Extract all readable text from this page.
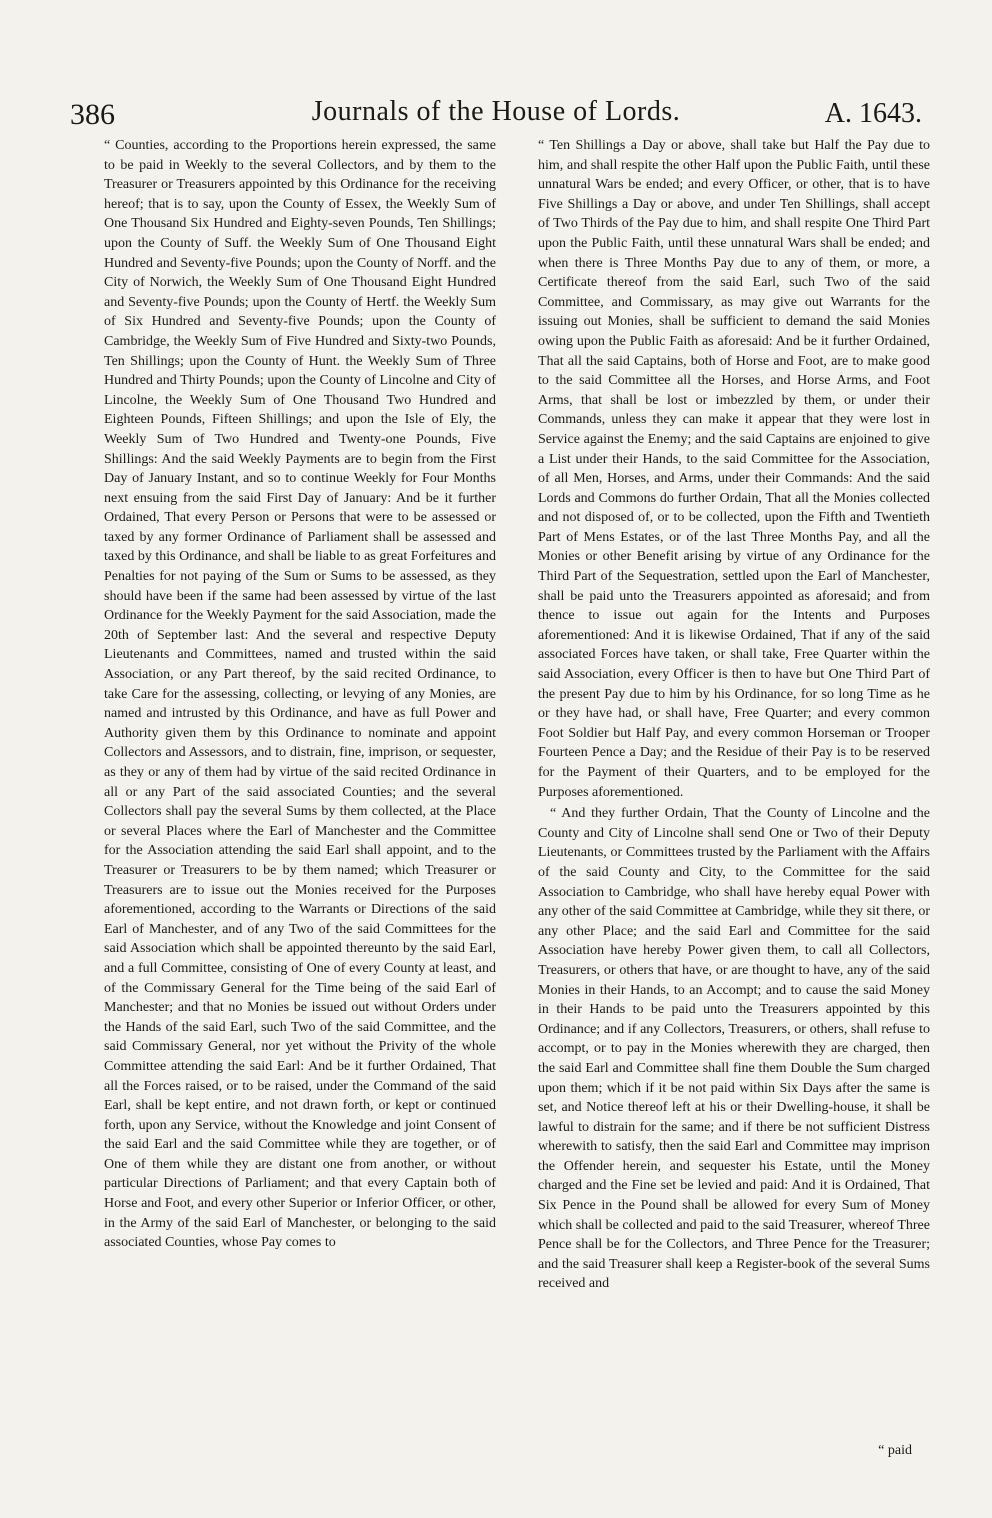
386	Journals of the House of Lords.	A. 1643.

“ Counties, according to the Proportions herein expressed, the same to be paid in Weekly to the several Collectors, and by them to the Treasurer or Treasurers appointed by this Ordinance for the receiving hereof; that is to say, upon the County of Essex, the Weekly Sum of One Thousand Six Hundred and Eighty-seven Pounds, Ten Shillings; upon the County of Suff. the Weekly Sum of One Thousand Eight Hundred and Seventy-five Pounds; upon the County of Norff. and the City of Norwich, the Weekly Sum of One Thousand Eight Hundred and Seventy-five Pounds; upon the County of Hertf. the Weekly Sum of Six Hundred and Seventy-five Pounds; upon the County of Cambridge, the Weekly Sum of Five Hundred and Sixty-two Pounds, Ten Shillings; upon the County of Hunt. the Weekly Sum of Three Hundred and Thirty Pounds; upon the County of Lincolne and City of Lincolne, the Weekly Sum of One Thousand Two Hundred and Eighteen Pounds, Fifteen Shillings; and upon the Isle of Ely, the Weekly Sum of Two Hundred and Twenty-one Pounds, Five Shillings: And the said Weekly Payments are to begin from the First Day of January Instant, and so to continue Weekly for Four Months next ensuing from the said First Day of January: And be it further Ordained, That every Person or Persons that were to be assessed or taxed by any former Ordinance of Parliament shall be assessed and taxed by this Ordinance, and shall be liable to as great Forfeitures and Penalties for not paying of the Sum or Sums to be assessed, as they should have been if the same had been assessed by virtue of the last Ordinance for the Weekly Payment for the said Association, made the 20th of September last: And the several and respective Deputy Lieutenants and Committees, named and trusted within the said Association, or any Part thereof, by the said recited Ordinance, to take Care for the assessing, collecting, or levying of any Monies, are named and intrusted by this Ordinance, and have as full Power and Authority given them by this Ordinance to nominate and appoint Collectors and Assessors, and to distrain, fine, imprison, or sequester, as they or any of them had by virtue of the said recited Ordinance in all or any Part of the said associated Counties; and the several Collectors shall pay the several Sums by them collected, at the Place or several Places where the Earl of Manchester and the Committee for the Association attending the said Earl shall appoint, and to the Treasurer or Treasurers to be by them named; which Treasurer or Treasurers are to issue out the Monies received for the Purposes aforementioned, according to the Warrants or Directions of the said Earl of Manchester, and of any Two of the said Committees for the said Association which shall be appointed thereunto by the said Earl, and a full Committee, consisting of One of every County at least, and of the Commissary General for the Time being of the said Earl of Manchester; and that no Monies be issued out without Orders under the Hands of the said Earl, such Two of the said Committee, and the said Commissary General, nor yet without the Privity of the whole Committee attending the said Earl: And be it further Ordained, That all the Forces raised, or to be raised, under the Command of the said Earl, shall be kept entire, and not drawn forth, or kept or continued forth, upon any Service, without the Knowledge and joint Consent of the said Earl and the said Committee while they are together, or of One of them while they are distant one from another, or without particular Directions of Parliament; and that every Captain both of Horse and Foot, and every other Superior or Inferior Officer, or other, in the Army of the said Earl of Manchester, or belonging to the said associated Counties, whose Pay comes to

“ Ten Shillings a Day or above, shall take but Half the Pay due to him, and shall respite the other Half upon the Public Faith, until these unnatural Wars be ended; and every Officer, or other, that is to have Five Shillings a Day or above, and under Ten Shillings, shall accept of Two Thirds of the Pay due to him, and shall respite One Third Part upon the Public Faith, until these unnatural Wars shall be ended; and when there is Three Months Pay due to any of them, or more, a Certificate thereof from the said Earl, such Two of the said Committee, and Commissary, as may give out Warrants for the issuing out Monies, shall be sufficient to demand the said Monies owing upon the Public Faith as aforesaid: And be it further Ordained, That all the said Captains, both of Horse and Foot, are to make good to the said Committee all the Horses, and Horse Arms, and Foot Arms, that shall be lost or imbezzled by them, or under their Commands, unless they can make it appear that they were lost in Service against the Enemy; and the said Captains are enjoined to give a List under their Hands, to the said Committee for the Association, of all Men, Horses, and Arms, under their Commands: And the said Lords and Commons do further Ordain, That all the Monies collected and not disposed of, or to be collected, upon the Fifth and Twentieth Part of Mens Estates, or of the last Three Months Pay, and all the Monies or other Benefit arising by virtue of any Ordinance for the Third Part of the Sequestration, settled upon the Earl of Manchester, shall be paid unto the Treasurers appointed as aforesaid; and from thence to issue out again for the Intents and Purposes aforementioned: And it is likewise Ordained, That if any of the said associated Forces have taken, or shall take, Free Quarter within the said Association, every Officer is then to have but One Third Part of the present Pay due to him by his Ordinance, for so long Time as he or they have had, or shall have, Free Quarter; and every common Foot Soldier but Half Pay, and every common Horseman or Trooper Fourteen Pence a Day; and the Residue of their Pay is to be reserved for the Payment of their Quarters, and to be employed for the Purposes aforementioned.

“ And they further Ordain, That the County of Lincolne and the County and City of Lincolne shall send One or Two of their Deputy Lieutenants, or Committees trusted by the Parliament with the Affairs of the said County and City, to the Committee for the said Association to Cambridge, who shall have hereby equal Power with any other of the said Committee at Cambridge, while they sit there, or any other Place; and the said Earl and Committee for the said Association have hereby Power given them, to call all Collectors, Treasurers, or others that have, or are thought to have, any of the said Monies in their Hands, to an Accompt; and to cause the said Money in their Hands to be paid unto the Treasurers appointed by this Ordinance; and if any Collectors, Treasurers, or others, shall refuse to accompt, or to pay in the Monies wherewith they are charged, then the said Earl and Committee shall fine them Double the Sum charged upon them; which if it be not paid within Six Days after the same is set, and Notice thereof left at his or their Dwelling-house, it shall be lawful to distrain for the same; and if there be not sufficient Distress wherewith to satisfy, then the said Earl and Committee may imprison the Offender herein, and sequester his Estate, until the Money charged and the Fine set be levied and paid: And it is Ordained, That Six Pence in the Pound shall be allowed for every Sum of Money which shall be collected and paid to the said Treasurer, whereof Three Pence shall be for the Collectors, and Three Pence for the Treasurer; and the said Treasurer shall keep a Register-book of the several Sums received and

“ paid
